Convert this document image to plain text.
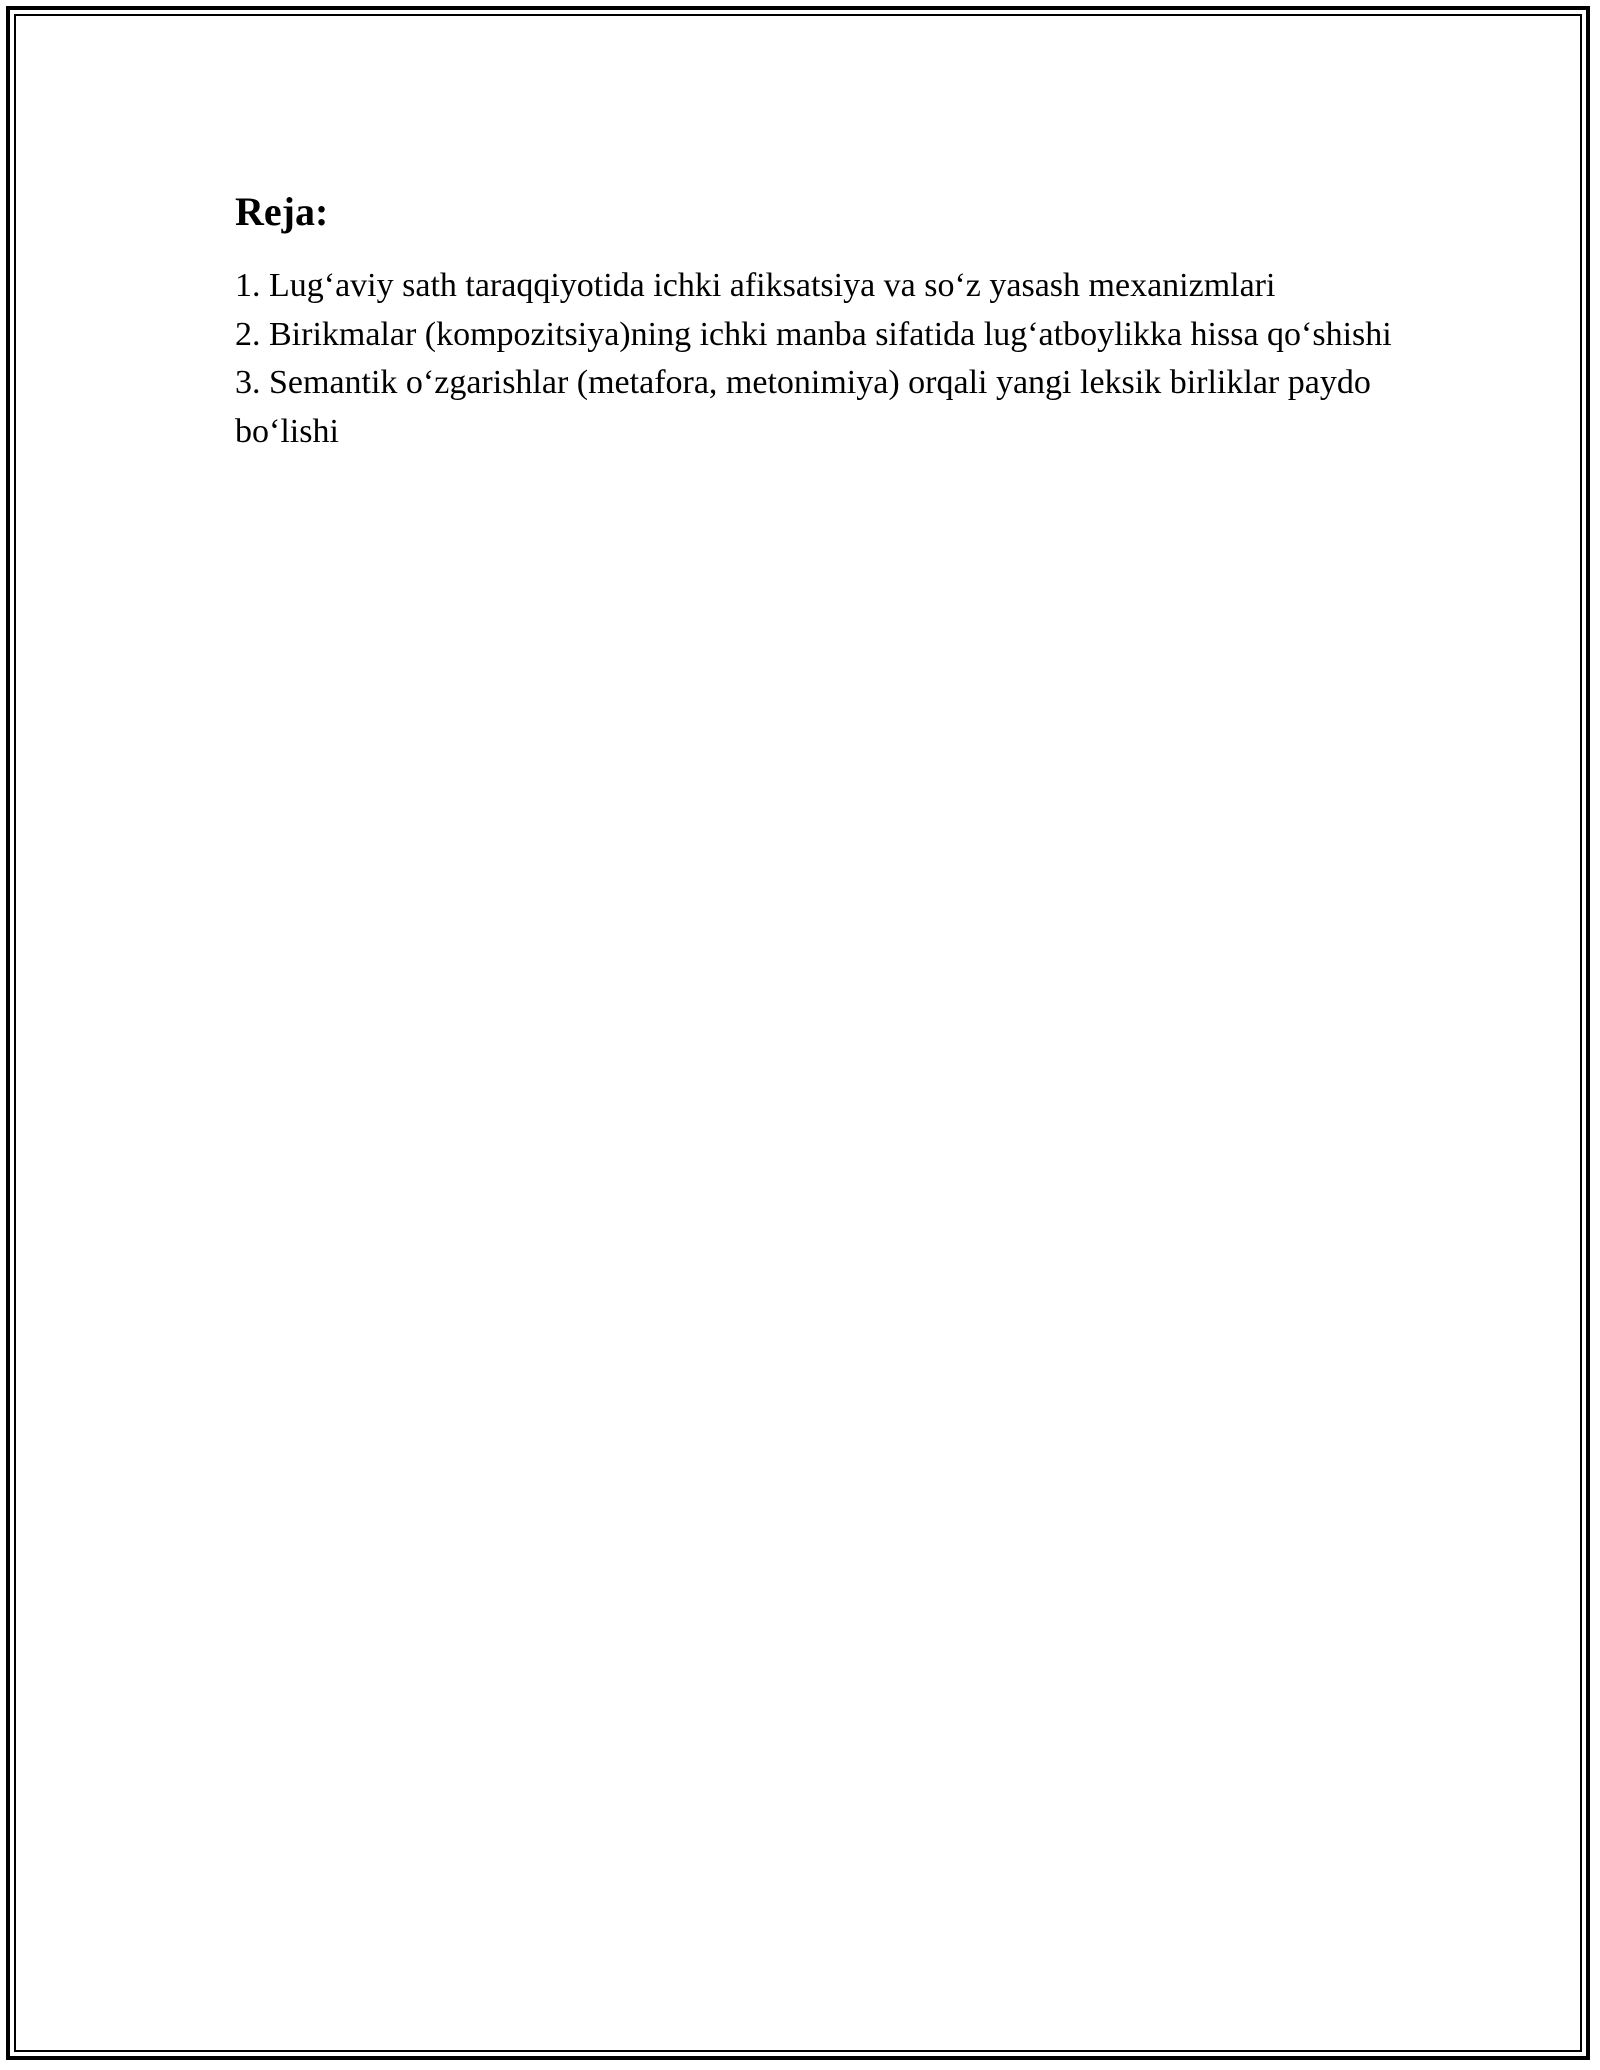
Reja:
1. Lug‘aviy sath taraqqiyotida ichki afiksatsiya va so‘z yasash mexanizmlari
2. Birikmalar (kompozitsiya)ning ichki manba sifatida lug‘atboylikka hissa qo‘shishi
3. Semantik o‘zgarishlar (metafora, metonimiya) orqali yangi leksik birliklar paydo bo‘lishi
